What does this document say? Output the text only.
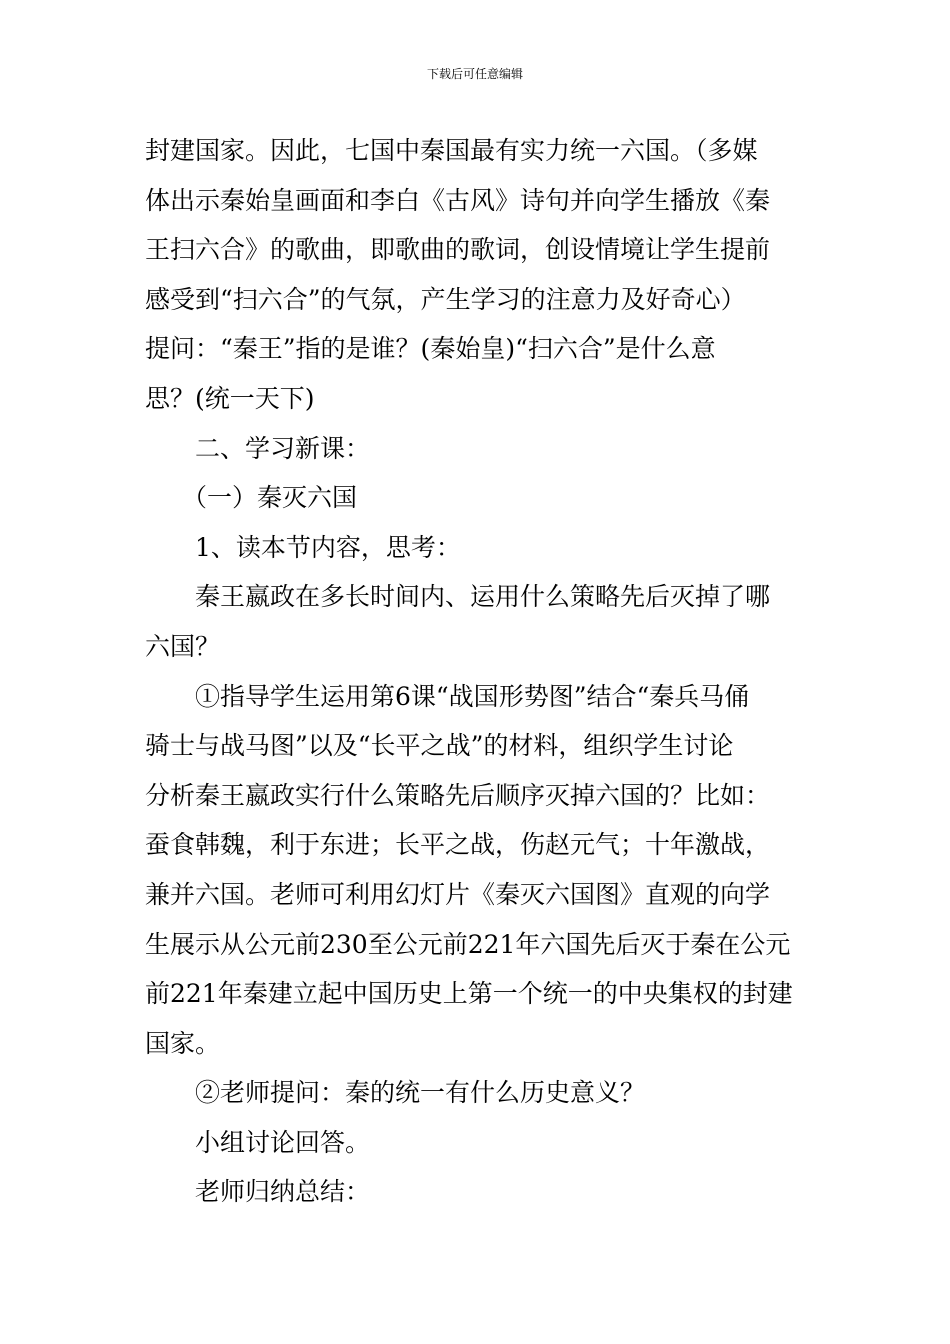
下载后可任意编辑

封建国家。因此，七国中秦国最有实力统一六国。（多媒

体出示秦始皇画面和李白《古风》诗句并向学生播放《秦

王扫六合》的歌曲，即歌曲的歌词，创设情境让学生提前

感受到“扫六合”的气氛，产生学习的注意力及好奇心）

提问：“秦王”指的是谁？(秦始皇)“扫六合”是什么意

思？(统一天下)

二、学习新课：

（一）秦灭六国

1、读本节内容，思考：

秦王嬴政在多长时间内、运用什么策略先后灭掉了哪

六国？

①指导学生运用第6课“战国形势图”结合“秦兵马俑

骑士与战马图”以及“长平之战”的材料，组织学生讨论

分析秦王嬴政实行什么策略先后顺序灭掉六国的？比如：

蚕食韩魏，利于东进；长平之战，伤赵元气；十年激战，

兼并六国。老师可利用幻灯片《秦灭六国图》直观的向学

生展示从公元前230至公元前221年六国先后灭于秦在公元

前221年秦建立起中国历史上第一个统一的中央集权的封建

国家。

②老师提问：秦的统一有什么历史意义？

小组讨论回答。

老师归纳总结：
